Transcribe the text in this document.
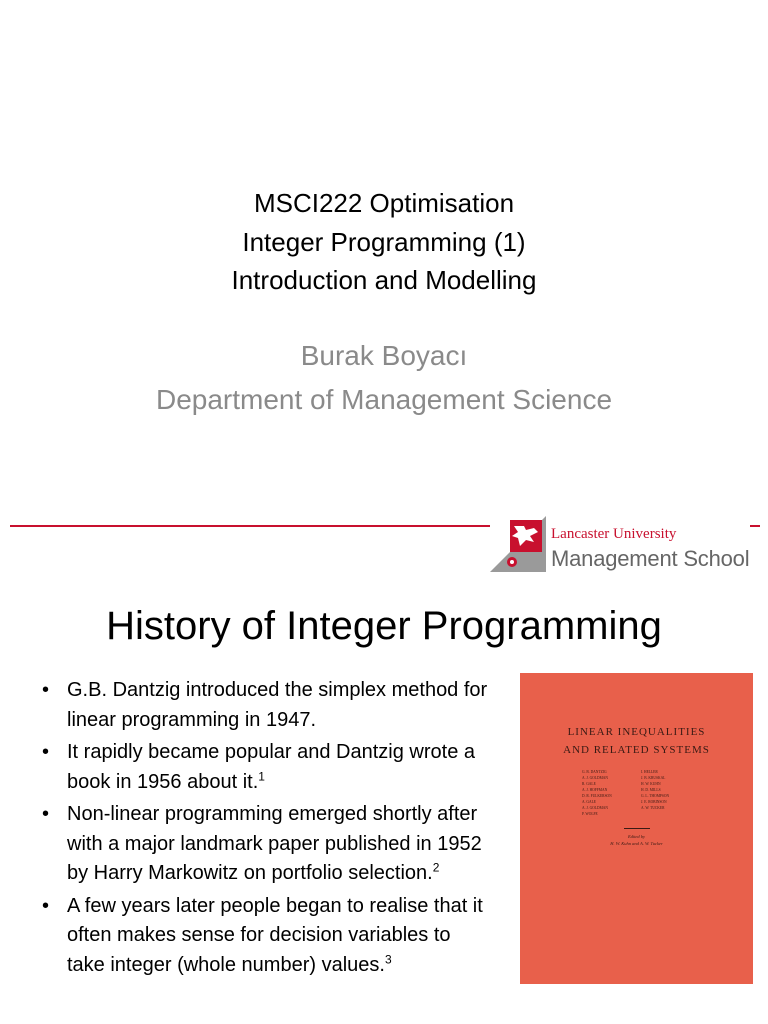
MSCI222 Optimisation
Integer Programming (1)
Introduction and Modelling
Burak Boyacı
Department of Management Science
Lancaster University
Management School
History of Integer Programming
• G.B. Dantzig introduced the simplex method for linear programming in 1947.
• It rapidly became popular and Dantzig wrote a book in 1956 about it.$^1$
• Non-linear programming emerged shortly after with a major landmark paper published in 1952 by Harry Markowitz on portfolio selection.$^2$
• A few years later people began to realise that it often makes sense for decision variables to take integer (whole number) values.$^3$
LINEAR INEQUALITIES
AND RELATED SYSTEMS
G. B. DANTZIG	I. HELLER
A. J. GOLDMAN	J. B. KRUSKAL
R. GALE	H. W. KUHN
A. J. HOFFMAN	H. D. MILLS
D. R. FULKERSON	G. L. THOMPSON
A. GALE	J. E. ROBINSON
A. J. GOLDMAN	A. W. TUCKER
P. WOLFE
Edited by
H. W. Kuhn and A. W. Tucker
